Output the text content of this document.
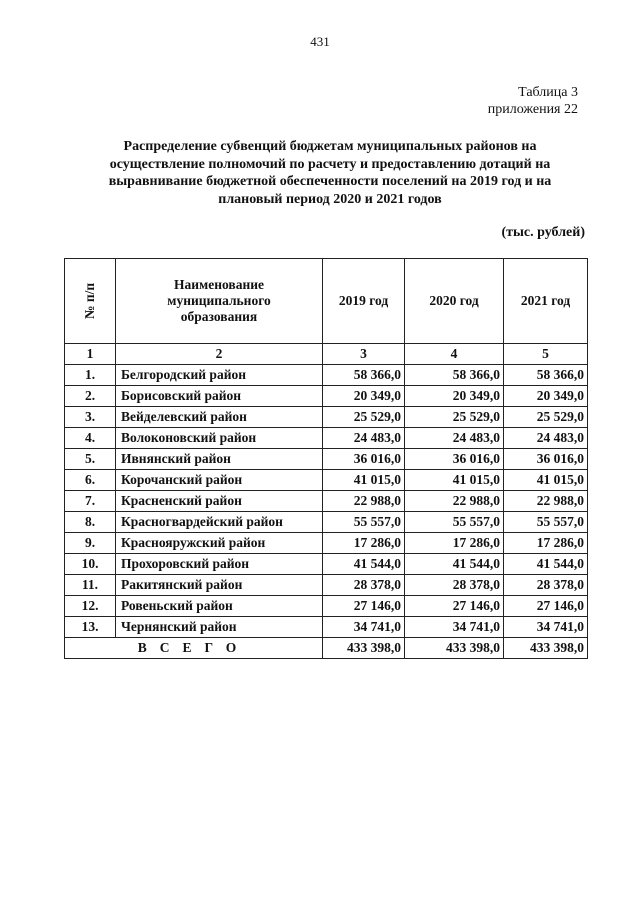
431
Таблица 3
приложения 22
Распределение субвенций бюджетам муниципальных районов на осуществление полномочий по расчету и предоставлению дотаций на выравнивание бюджетной обеспеченности поселений на 2019 год и на плановый период 2020 и 2021 годов
(тыс. рублей)
№ п/п	Наименование муниципального образования	2019 год	2020 год	2021 год
1	2	3	4	5
1.	Белгородский район	58 366,0	58 366,0	58 366,0
2.	Борисовский район	20 349,0	20 349,0	20 349,0
3.	Вейделевский район	25 529,0	25 529,0	25 529,0
4.	Волоконовский район	24 483,0	24 483,0	24 483,0
5.	Ивнянский район	36 016,0	36 016,0	36 016,0
6.	Корочанский район	41 015,0	41 015,0	41 015,0
7.	Красненский район	22 988,0	22 988,0	22 988,0
8.	Красногвардейский район	55 557,0	55 557,0	55 557,0
9.	Краснояружский район	17 286,0	17 286,0	17 286,0
10.	Прохоровский район	41 544,0	41 544,0	41 544,0
11.	Ракитянский район	28 378,0	28 378,0	28 378,0
12.	Ровеньский район	27 146,0	27 146,0	27 146,0
13.	Чернянский район	34 741,0	34 741,0	34 741,0
ВСЕГО		433 398,0	433 398,0	433 398,0
